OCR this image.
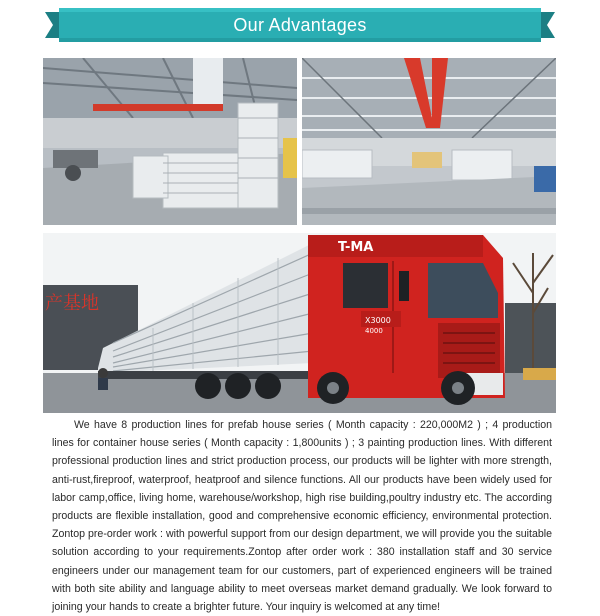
Our Advantages
产基地
T-MA
X3000
4000

We have 8 production lines for prefab house series ( Month capacity : 220,000M2 ) ; 4 production lines for container house series ( Month capacity : 1,800units ) ; 3 painting production lines. With different professional production lines and strict production process, our products will be lighter with more strength, anti-rust,fireproof, waterproof, heatproof and silence functions. All our products have been widely used for labor camp,office, living home, warehouse/workshop, high rise building,poultry industry etc. The according products are flexible installation, good and comprehensive economic efficiency, environmental protection. Zontop pre-order work : with powerful support from our design department, we will provide you the suitable solution according to your requirements.Zontop after order work : 380 installation staff and 30 service engineers under our management team for our customers, part of experienced engineers will be trained with both site ability and language ability to meet overseas market demand gradually. We look forward to joining your hands to create a brighter future. Your inquiry is welcomed at any time!
